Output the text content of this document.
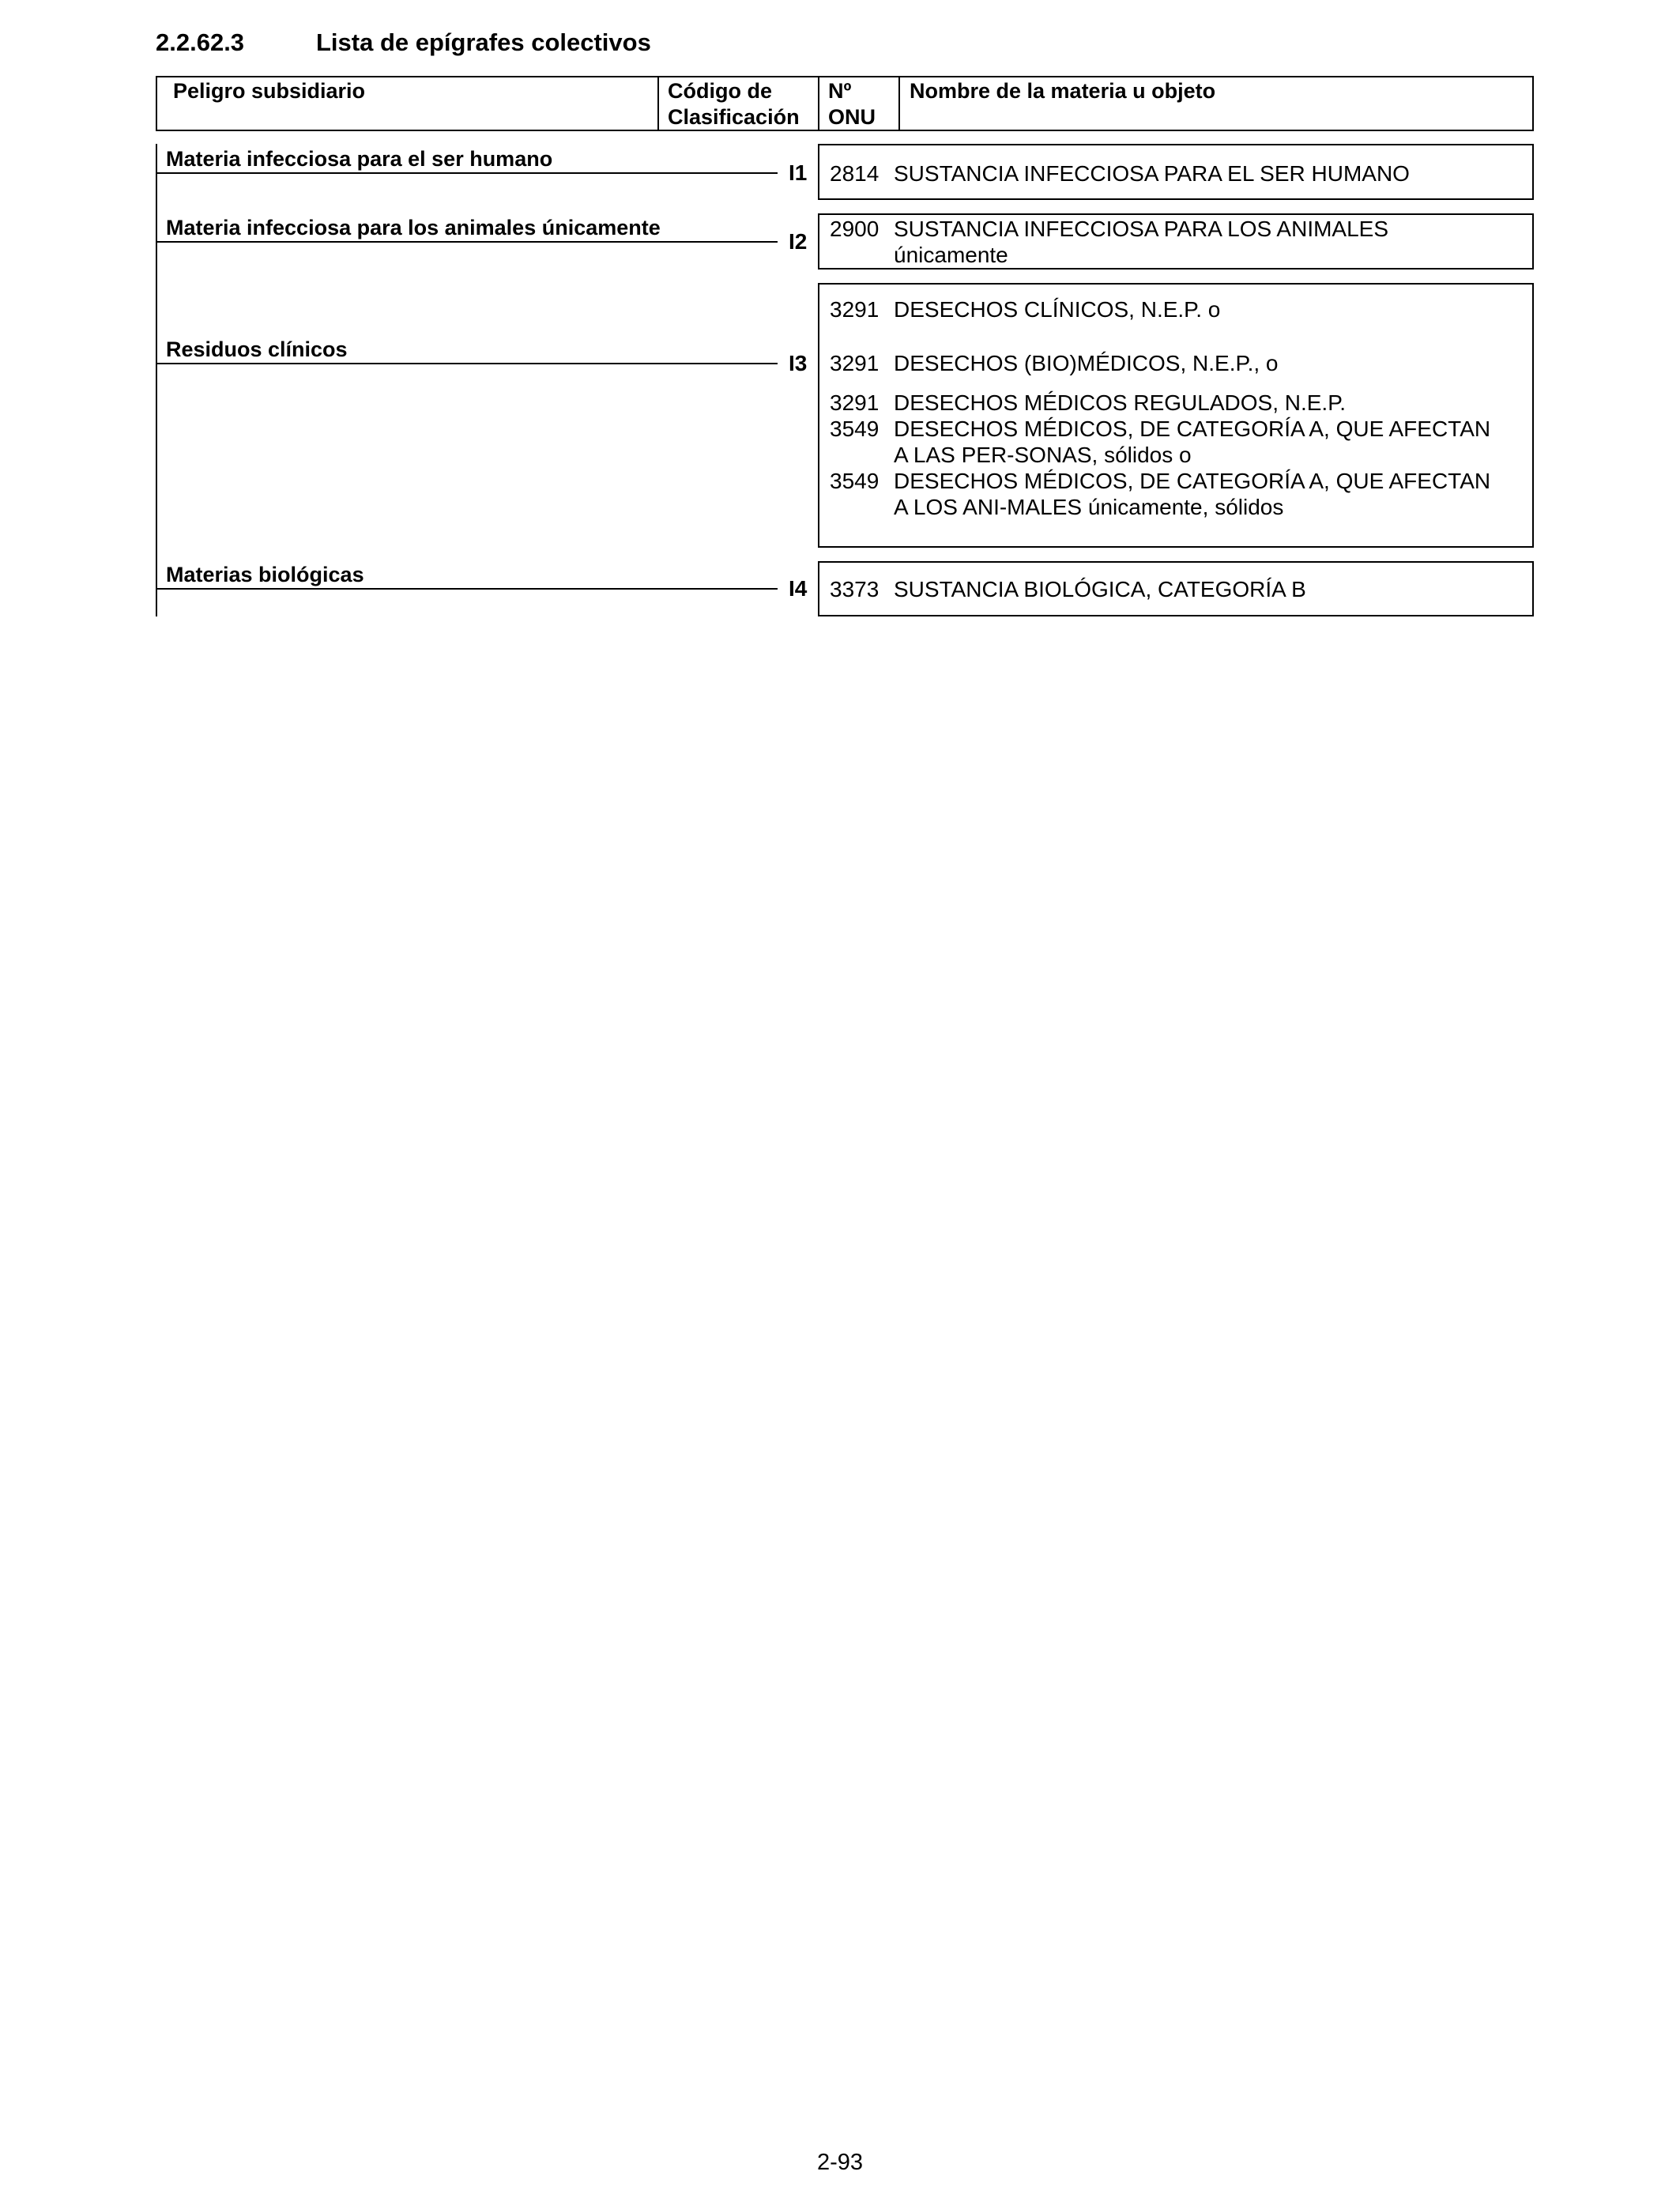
2.2.62.3	Lista de epígrafes colectivos
Peligro subsidiario	Código de
Clasificación
Nº
ONU
Nombre de la materia u objeto
Materia infecciosa para el ser humano
I1 2814 SUSTANCIA INFECCIOSA PARA EL SER HUMANO
Materia infecciosa para los animales únicamente
I2
2900 SUSTANCIA INFECCIOSA PARA LOS ANIMALES
únicamente
Residuos clínicos
I3
3291 DESECHOS CLÍNICOS, N.E.P. o
3291 DESECHOS (BIO)MÉDICOS, N.E.P., o
3291 DESECHOS MÉDICOS REGULADOS, N.E.P.
3549 DESECHOS MÉDICOS, DE CATEGORÍA A, QUE AFECTAN
A LAS PER-SONAS, sólidos o
3549 DESECHOS MÉDICOS, DE CATEGORÍA A, QUE AFECTAN
A LOS ANI-MALES únicamente, sólidos
Materias biológicas
I4 3373 SUSTANCIA BIOLÓGICA, CATEGORÍA B
2-93
